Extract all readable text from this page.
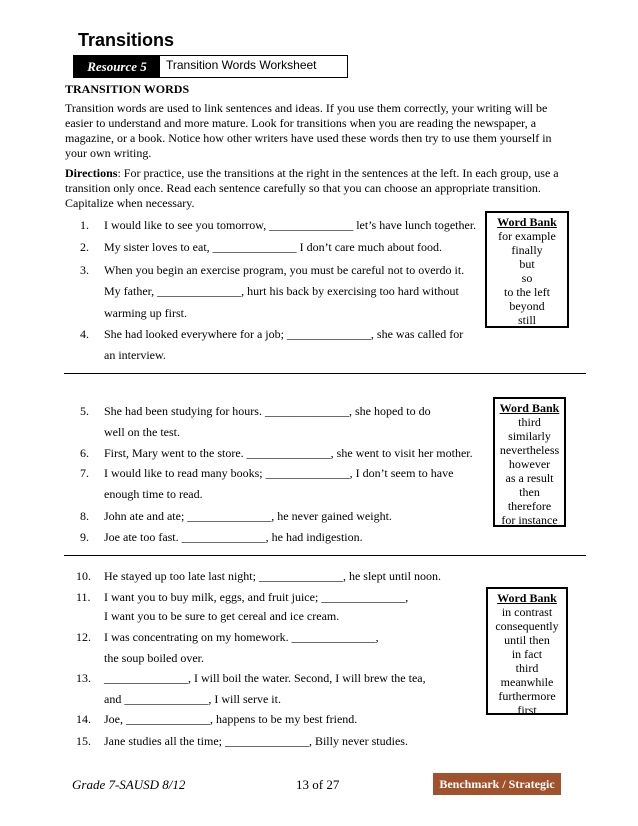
Transitions
Resource 5	Transition Words Worksheet
TRANSITION WORDS
Transition words are used to link sentences and ideas. If you use them correctly, your writing will be
easier to understand and more mature. Look for transitions when you are reading the newspaper, a
magazine, or a book. Notice how other writers have used these words then try to use them yourself in
your own writing.
Directions: For practice, use the transitions at the right in the sentences at the left. In each group, use a
transition only once. Read each sentence carefully so that you can choose an appropriate transition.
Capitalize when necessary.
1. I would like to see you tomorrow, ______________ let’s have lunch together.
2. My sister loves to eat, ______________ I don’t care much about food.
3. When you begin an exercise program, you must be careful not to overdo it.
My father, ______________, hurt his back by exercising too hard without
warming up first.
4. She had looked everywhere for a job; ______________, she was called for
an interview.
Word Bank
for example
finally
but
so
to the left
beyond
still
5. She had been studying for hours. ______________, she hoped to do
well on the test.
6. First, Mary went to the store. ______________, she went to visit her mother.
7. I would like to read many books; ______________, I don’t seem to have
enough time to read.
8. John ate and ate; ______________, he never gained weight.
9. Joe ate too fast. ______________, he had indigestion.
Word Bank
third
similarly
nevertheless
however
as a result
then
therefore
for instance
10. He stayed up too late last night; ______________, he slept until noon.
11. I want you to buy milk, eggs, and fruit juice; ______________,
I want you to be sure to get cereal and ice cream.
12. I was concentrating on my homework. ______________,
the soup boiled over.
13. ______________, I will boil the water. Second, I will brew the tea,
and ______________, I will serve it.
14. Joe, ______________, happens to be my best friend.
15. Jane studies all the time; ______________, Billy never studies.
Word Bank
in contrast
consequently
until then
in fact
third
meanwhile
furthermore
first
Grade 7-SAUSD 8/12	13 of 27	Benchmark / Strategic
